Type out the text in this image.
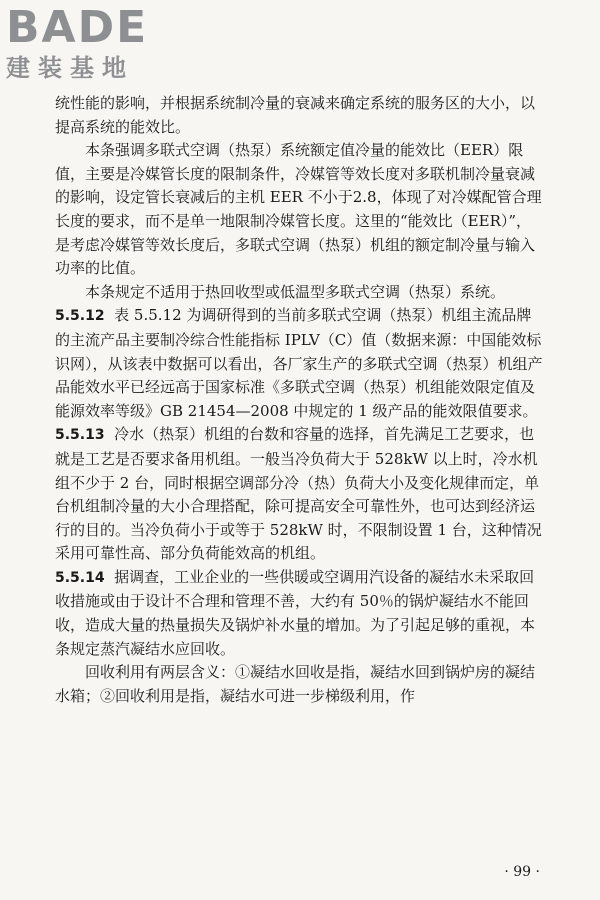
BADE
建装基地

统性能的影响，并根据系统制冷量的衰减来确定系统的服务区的大小，以提高系统的能效比。

本条强调多联式空调（热泵）系统额定值冷量的能效比（EER）限值，主要是冷媒管长度的限制条件，冷媒管等效长度对多联机制冷量衰减的影响，设定管长衰减后的主机 EER 不小于2.8，体现了对冷媒配管合理长度的要求，而不是单一地限制冷媒管长度。这里的“能效比（EER）”，是考虑冷媒管等效长度后，多联式空调（热泵）机组的额定制冷量与输入功率的比值。

本条规定不适用于热回收型或低温型多联式空调（热泵）系统。

5.5.12 表 5.5.12 为调研得到的当前多联式空调（热泵）机组主流品牌的主流产品主要制冷综合性能指标 IPLV（C）值（数据来源：中国能效标识网），从该表中数据可以看出，各厂家生产的多联式空调（热泵）机组产品能效水平已经远高于国家标准《多联式空调（热泵）机组能效限定值及能源效率等级》GB 21454—2008 中规定的 1 级产品的能效限值要求。

5.5.13 冷水（热泵）机组的台数和容量的选择，首先满足工艺要求，也就是工艺是否要求备用机组。一般当冷负荷大于 528kW 以上时，冷水机组不少于 2 台，同时根据空调部分冷（热）负荷大小及变化规律而定，单台机组制冷量的大小合理搭配，除可提高安全可靠性外，也可达到经济运行的目的。当冷负荷小于或等于 528kW 时，不限制设置 1 台，这种情况采用可靠性高、部分负荷能效高的机组。

5.5.14 据调查，工业企业的一些供暖或空调用汽设备的凝结水未采取回收措施或由于设计不合理和管理不善，大约有 50％的锅炉凝结水不能回收，造成大量的热量损失及锅炉补水量的增加。为了引起足够的重视，本条规定蒸汽凝结水应回收。

回收利用有两层含义：①凝结水回收是指，凝结水回到锅炉房的凝结水箱；②回收利用是指，凝结水可进一步梯级利用，作

· 99 ·
